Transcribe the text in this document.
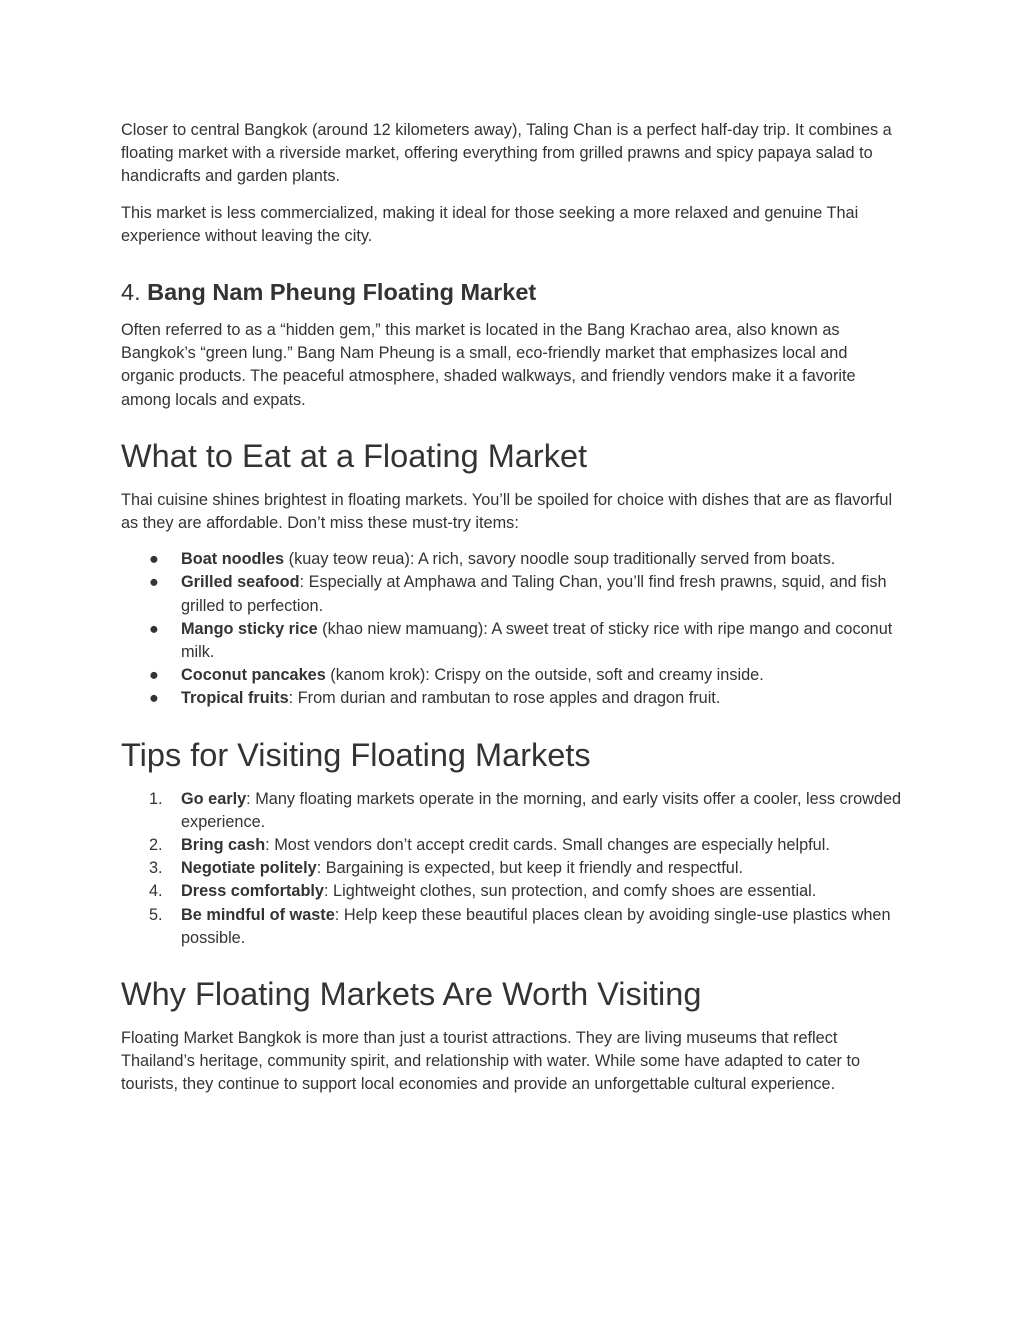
Closer to central Bangkok (around 12 kilometers away), Taling Chan is a perfect half-day trip. It combines a floating market with a riverside market, offering everything from grilled prawns and spicy papaya salad to handicrafts and garden plants.

This market is less commercialized, making it ideal for those seeking a more relaxed and genuine Thai experience without leaving the city.

4. Bang Nam Pheung Floating Market

Often referred to as a “hidden gem,” this market is located in the Bang Krachao area, also known as Bangkok’s “green lung.” Bang Nam Pheung is a small, eco-friendly market that emphasizes local and organic products. The peaceful atmosphere, shaded walkways, and friendly vendors make it a favorite among locals and expats.

What to Eat at a Floating Market

Thai cuisine shines brightest in floating markets. You’ll be spoiled for choice with dishes that are as flavorful as they are affordable. Don’t miss these must-try items:

● Boat noodles (kuay teow reua): A rich, savory noodle soup traditionally served from boats.
● Grilled seafood: Especially at Amphawa and Taling Chan, you’ll find fresh prawns, squid, and fish grilled to perfection.
● Mango sticky rice (khao niew mamuang): A sweet treat of sticky rice with ripe mango and coconut milk.
● Coconut pancakes (kanom krok): Crispy on the outside, soft and creamy inside.
● Tropical fruits: From durian and rambutan to rose apples and dragon fruit.
Tips for Visiting Floating Markets
1. Go early: Many floating markets operate in the morning, and early visits offer a cooler, less crowded experience.
2. Bring cash: Most vendors don’t accept credit cards. Small changes are especially helpful.
3. Negotiate politely: Bargaining is expected, but keep it friendly and respectful.
4. Dress comfortably: Lightweight clothes, sun protection, and comfy shoes are essential.
5. Be mindful of waste: Help keep these beautiful places clean by avoiding single-use plastics when possible.
Why Floating Markets Are Worth Visiting

Floating Market Bangkok is more than just a tourist attractions. They are living museums that reflect Thailand’s heritage, community spirit, and relationship with water. While some have adapted to cater to tourists, they continue to support local economies and provide an unforgettable cultural experience.
